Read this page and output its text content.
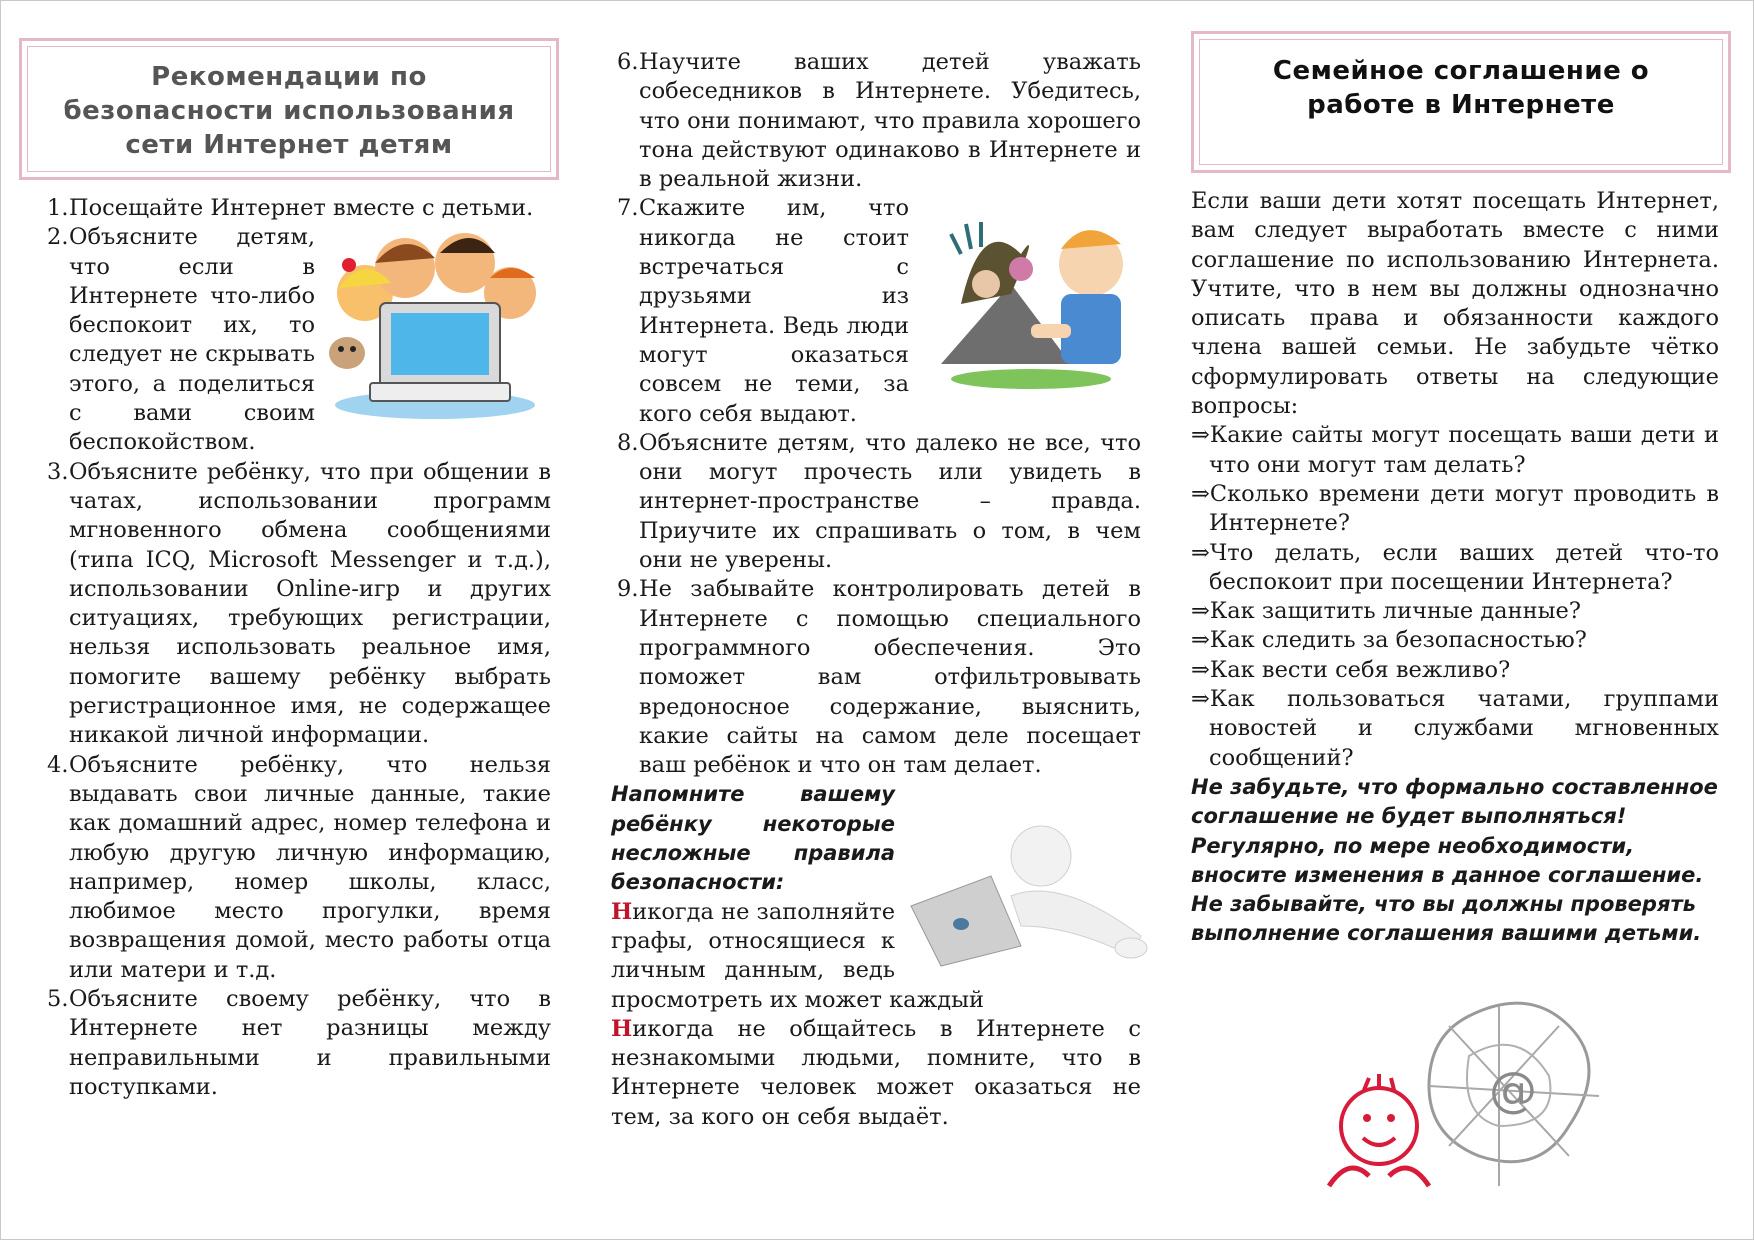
Рекомендации по безопасности использования сети Интернет детям
1. Посещайте Интернет вместе с детьми.
2. Объясните детям, что если в Интернете что-либо беспокоит их, то следует не скрывать этого, а поделиться с вами своим беспокойством.
3. Объясните ребёнку, что при общении в чатах, использовании программ мгновенного обмена сообщениями (типа ICQ, Microsoft Messenger и т.д.), использовании Online-игр и других ситуациях, требующих регистрации, нельзя использовать реальное имя, помогите вашему ребёнку выбрать регистрационное имя, не содержащее никакой личной информации.
4. Объясните ребёнку, что нельзя выдавать свои личные данные, такие как домашний адрес, номер телефона и любую другую личную информацию, например, номер школы, класс, любимое место прогулки, время возвращения домой, место работы отца или матери и т.д.
5. Объясните своему ребёнку, что в Интернете нет разницы между неправильными и правильными поступками.
6. Научите ваших детей уважать собеседников в Интернете. Убедитесь, что они понимают, что правила хорошего тона действуют одинаково в Интернете и в реальной жизни.
7. Скажите им, что никогда не стоит встречаться с друзьями из Интернета. Ведь люди могут оказаться совсем не теми, за кого себя выдают.
8. Объясните детям, что далеко не все, что они могут прочесть или увидеть в интернет-пространстве – правда. Приучите их спрашивать о том, в чем они не уверены.
9. Не забывайте контролировать детей в Интернете с помощью специального программного обеспечения. Это поможет вам отфильтровывать вредоносное содержание, выяснить, какие сайты на самом деле посещает ваш ребёнок и что он там делает.

Напомните вашему ребёнку некоторые несложные правила безопасности:

Никогда не заполняйте графы, относящиеся к личным данным, ведь просмотреть их может каждый

Никогда не общайтесь в Интернете с незнакомыми людьми, помните, что в Интернете человек может оказаться не тем, за кого он себя выдаёт.

Семейное соглашение о работе в Интернете

Если ваши дети хотят посещать Интернет, вам следует выработать вместе с ними соглашение по использованию Интернета. Учтите, что в нем вы должны однозначно описать права и обязанности каждого члена вашей семьи. Не забудьте чётко сформулировать ответы на следующие вопросы:

⇒Какие сайты могут посещать ваши дети и что они могут там делать?

⇒Сколько времени дети могут проводить в Интернете?

⇒Что делать, если ваших детей что-то беспокоит при посещении Интернета?

⇒Как защитить личные данные?

⇒Как следить за безопасностью?

⇒Как вести себя вежливо?

⇒Как пользоваться чатами, группами новостей и службами мгновенных сообщений?

Не забудьте, что формально составленное соглашение не будет выполняться! Регулярно, по мере необходимости, вносите изменения в данное соглашение. Не забывайте, что вы должны проверять выполнение соглашения вашими детьми.

@
